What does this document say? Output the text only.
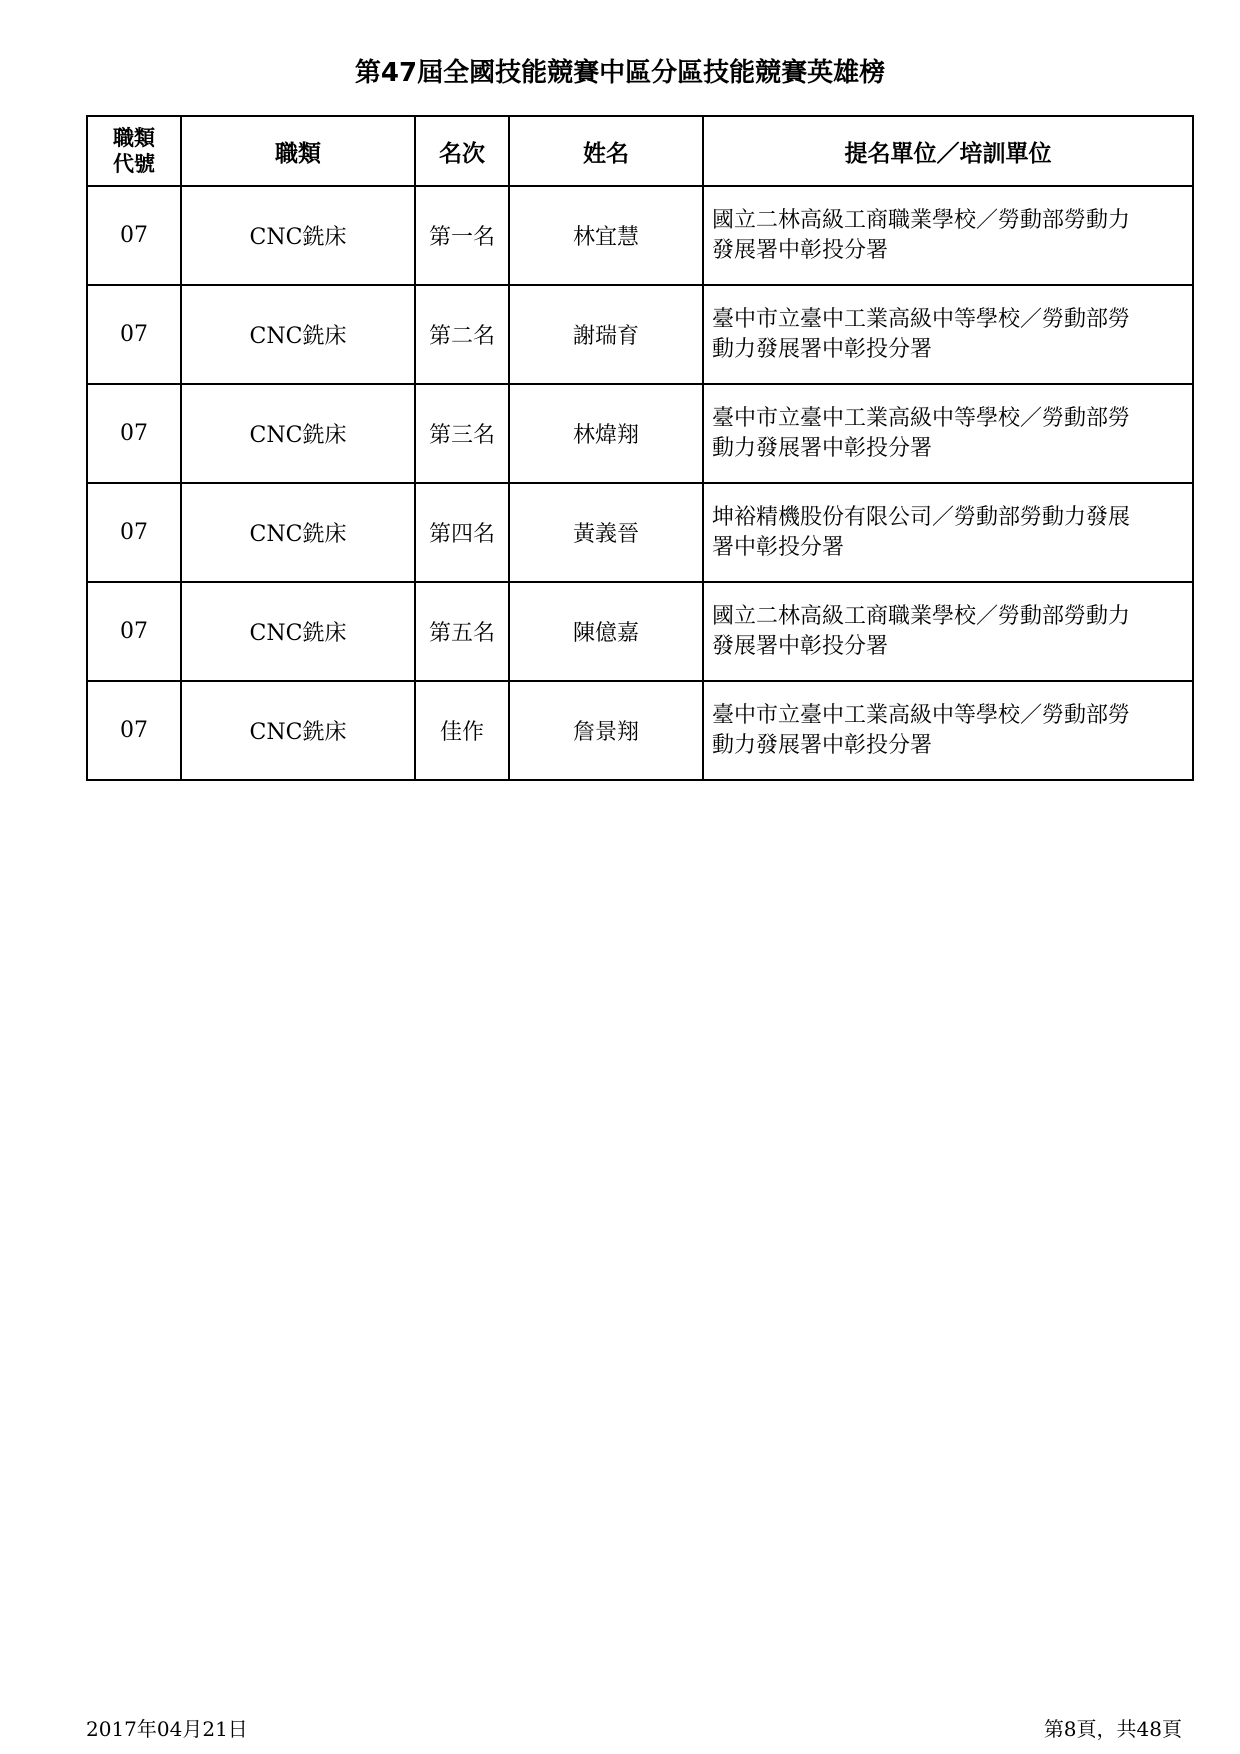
第47屆全國技能競賽中區分區技能競賽英雄榜
職類
代號	職類	名次	姓名	提名單位／培訓單位
07	CNC銑床	第一名	林宜慧	國立二林高級工商職業學校／勞動部勞動力
發展署中彰投分署

07	CNC銑床	第二名	謝瑞育	臺中市立臺中工業高級中等學校／勞動部勞
動力發展署中彰投分署

07	CNC銑床	第三名	林煒翔	臺中市立臺中工業高級中等學校／勞動部勞
動力發展署中彰投分署

07	CNC銑床	第四名	黃義晉	坤裕精機股份有限公司／勞動部勞動力發展
署中彰投分署

07	CNC銑床	第五名	陳億嘉	國立二林高級工商職業學校／勞動部勞動力
發展署中彰投分署

07	CNC銑床	佳作	詹景翔	臺中市立臺中工業高級中等學校／勞動部勞
動力發展署中彰投分署
2017年04月21日	第8頁，共48頁
